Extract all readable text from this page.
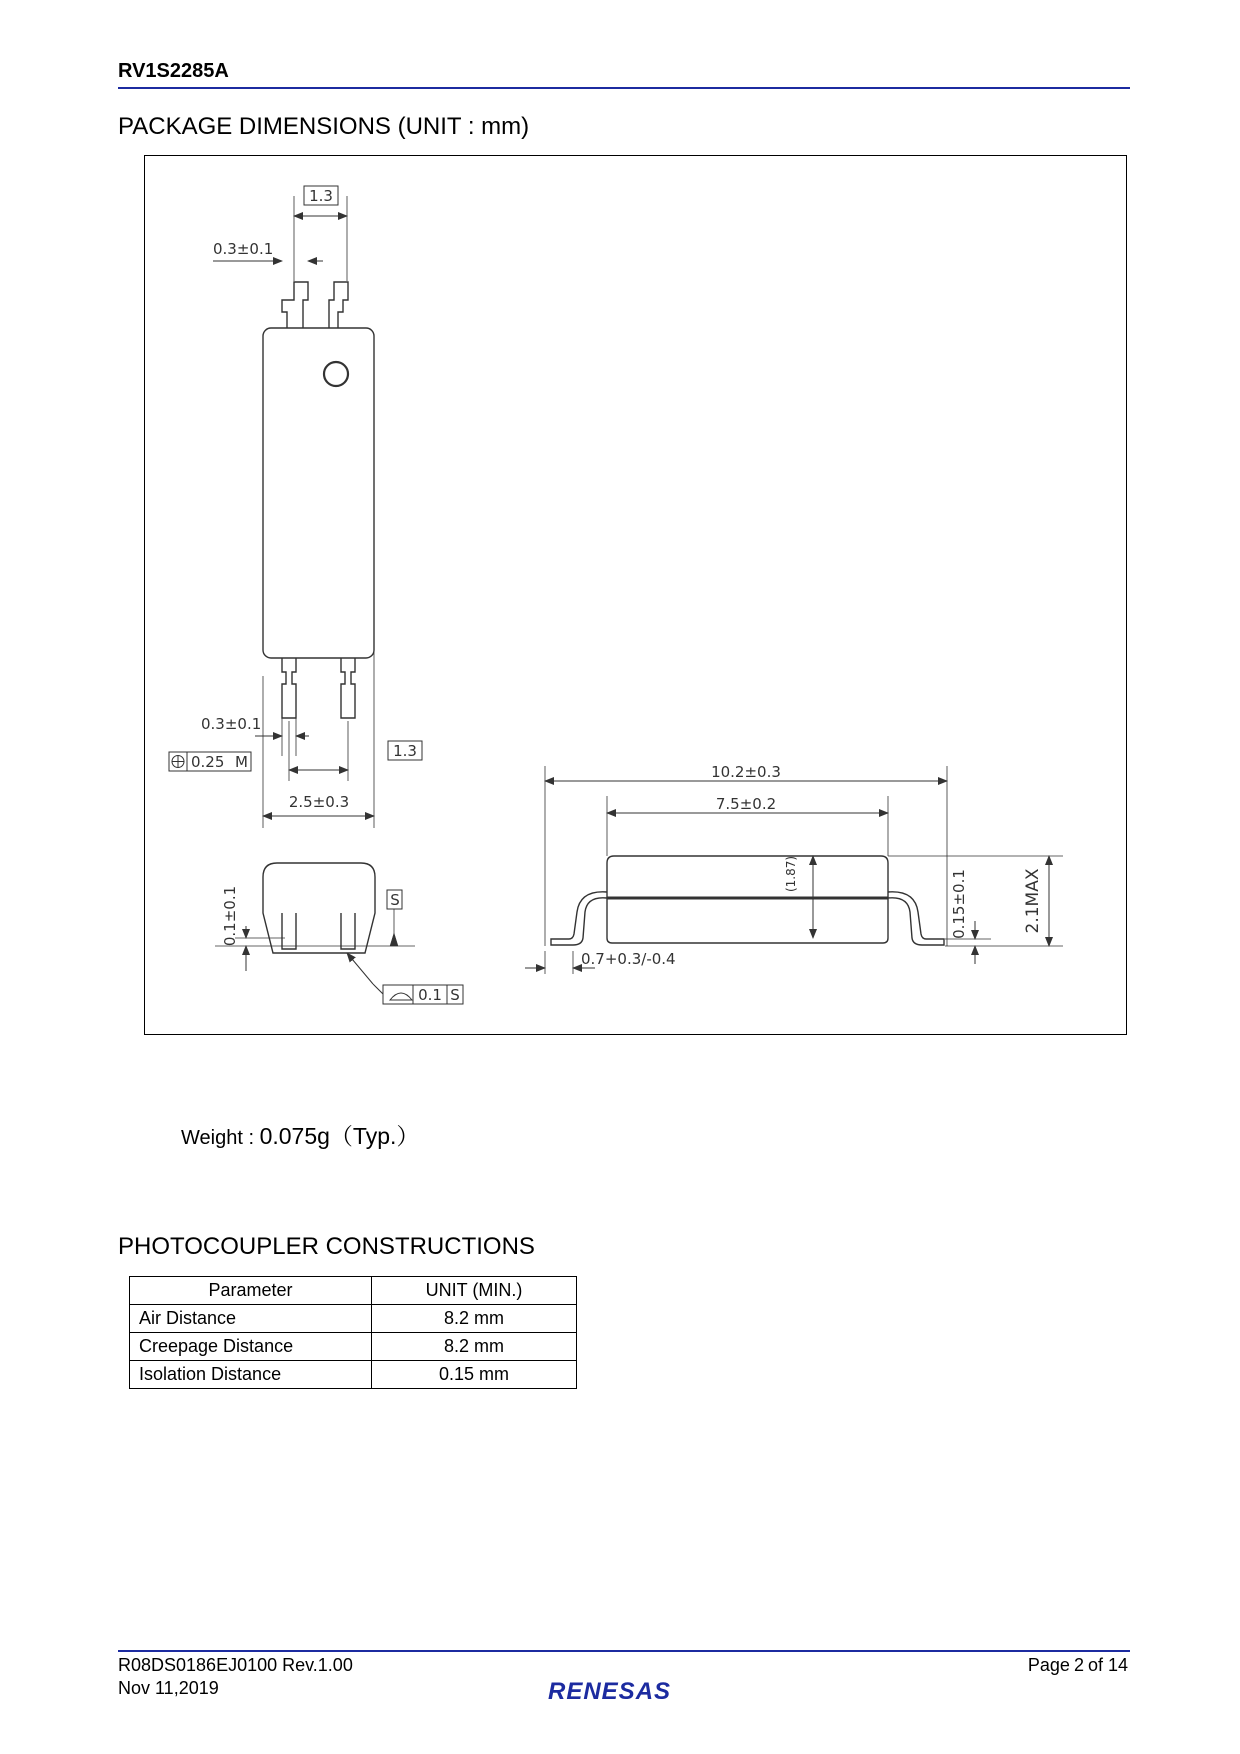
RV1S2285A
PACKAGE DIMENSIONS (UNIT : mm)
1.3
0.3±0.1
0.3±0.1
0.25 M
1.3
2.5±0.3
0.1±0.1	S
0.1 S
10.2±0.3
7.5±0.2
(1.87)	0.15±0.1	2.1MAX
0.7+0.3/-0.4
Weight : 0.075g（Typ.）
PHOTOCOUPLER CONSTRUCTIONS
Parameter	UNIT (MIN.)
Air Distance	8.2 mm
Creepage Distance	8.2 mm
Isolation Distance	0.15 mm
R08DS0186EJ0100 Rev.1.00
Nov 11,2019
Page 2 of 14
RENESAS
